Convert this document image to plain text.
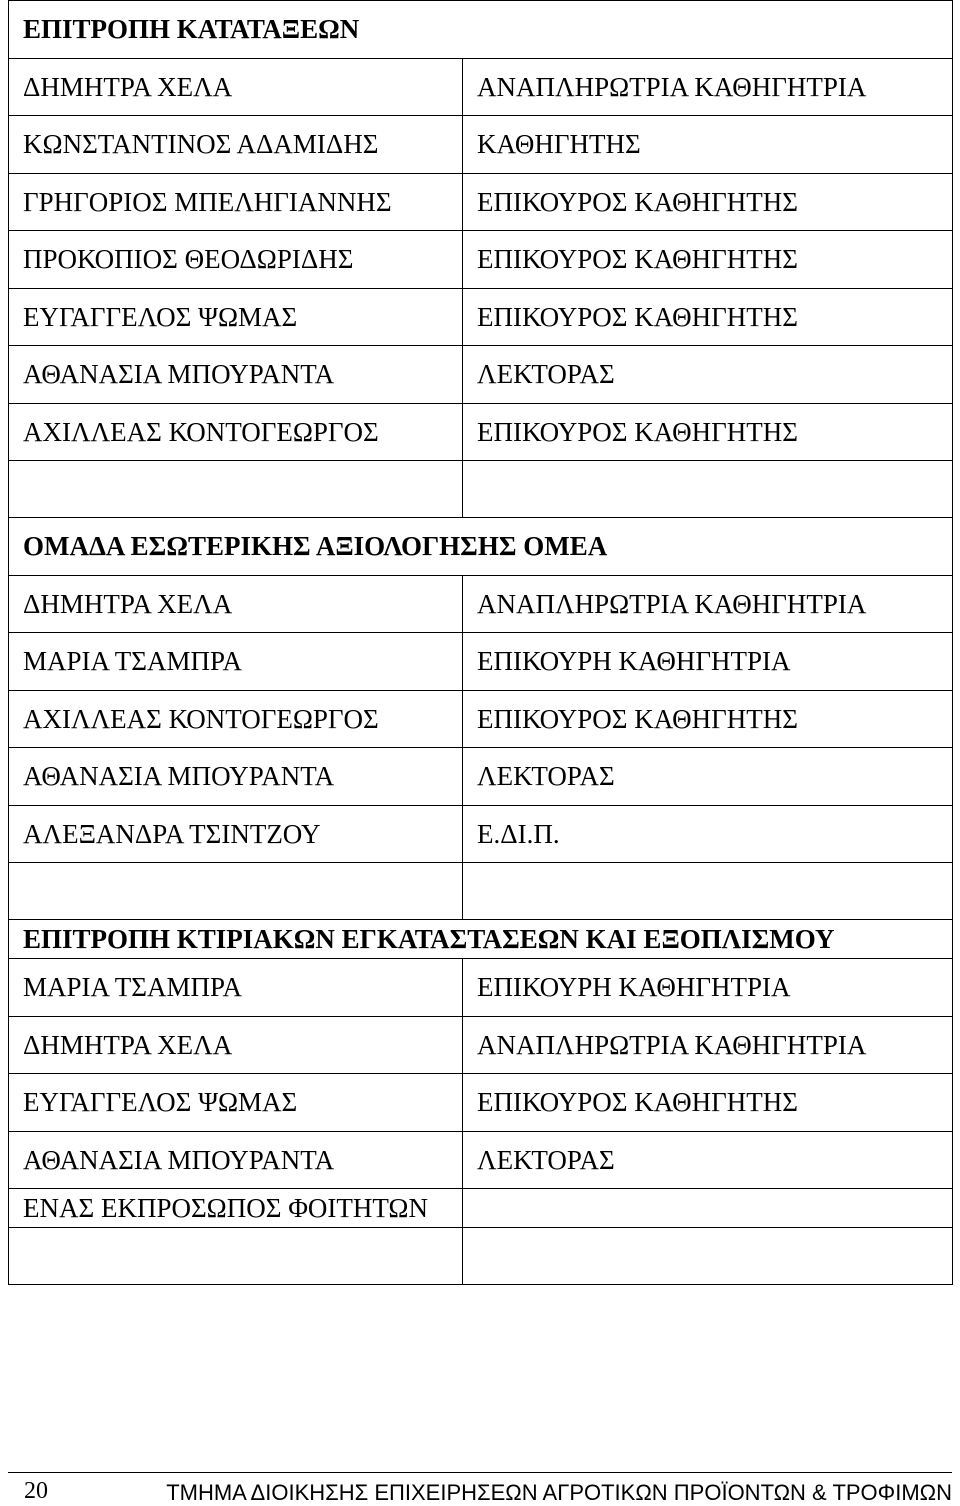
ΕΠΙΤΡΟΠΗ ΚΑΤΑΤΑΞΕΩΝ	
ΔΗΜΗΤΡΑ ΧΕΛΑ	ΑΝΑΠΛΗΡΩΤΡΙΑ ΚΑΘΗΓΗΤΡΙΑ
ΚΩΝΣΤΑΝΤΙΝΟΣ ΑΔΑΜΙΔΗΣ	ΚΑΘΗΓΗΤΗΣ
ΓΡΗΓΟΡΙΟΣ ΜΠΕΛΗΓΙΑΝΝΗΣ	ΕΠΙΚΟΥΡΟΣ ΚΑΘΗΓΗΤΗΣ
ΠΡΟΚΟΠΙΟΣ ΘΕΟΔΩΡΙΔΗΣ	ΕΠΙΚΟΥΡΟΣ ΚΑΘΗΓΗΤΗΣ
ΕΥΓΑΓΓΕΛΟΣ ΨΩΜΑΣ	ΕΠΙΚΟΥΡΟΣ ΚΑΘΗΓΗΤΗΣ
ΑΘΑΝΑΣΙΑ ΜΠΟΥΡΑΝΤΑ	ΛΕΚΤΟΡΑΣ
ΑΧΙΛΛΕΑΣ ΚΟΝΤΟΓΕΩΡΓΟΣ	ΕΠΙΚΟΥΡΟΣ ΚΑΘΗΓΗΤΗΣ

ΟΜΑΔΑ ΕΣΩΤΕΡΙΚΗΣ ΑΞΙΟΛΟΓΗΣΗΣ ΟΜΕΑ	
ΔΗΜΗΤΡΑ ΧΕΛΑ	ΑΝΑΠΛΗΡΩΤΡΙΑ ΚΑΘΗΓΗΤΡΙΑ
ΜΑΡΙΑ ΤΣΑΜΠΡΑ	ΕΠΙΚΟΥΡΗ ΚΑΘΗΓΗΤΡΙΑ
ΑΧΙΛΛΕΑΣ ΚΟΝΤΟΓΕΩΡΓΟΣ	ΕΠΙΚΟΥΡΟΣ ΚΑΘΗΓΗΤΗΣ
ΑΘΑΝΑΣΙΑ ΜΠΟΥΡΑΝΤΑ	ΛΕΚΤΟΡΑΣ
ΑΛΕΞΑΝΔΡΑ ΤΣΙΝΤΖΟΥ	Ε.ΔΙ.Π.

ΕΠΙΤΡΟΠΗ ΚΤΙΡΙΑΚΩΝ ΕΓΚΑΤΑΣΤΑΣΕΩΝ ΚΑΙ ΕΞΟΠΛΙΣΜΟΥ	
ΜΑΡΙΑ ΤΣΑΜΠΡΑ	ΕΠΙΚΟΥΡΗ ΚΑΘΗΓΗΤΡΙΑ
ΔΗΜΗΤΡΑ ΧΕΛΑ	ΑΝΑΠΛΗΡΩΤΡΙΑ ΚΑΘΗΓΗΤΡΙΑ
ΕΥΓΑΓΓΕΛΟΣ ΨΩΜΑΣ	ΕΠΙΚΟΥΡΟΣ ΚΑΘΗΓΗΤΗΣ
ΑΘΑΝΑΣΙΑ ΜΠΟΥΡΑΝΤΑ	ΛΕΚΤΟΡΑΣ
ΕΝΑΣ ΕΚΠΡΟΣΩΠΟΣ ΦΟΙΤΗΤΩΝ	

20	ΤΜΗΜΑ ΔΙΟΙΚΗΣΗΣ ΕΠΙΧΕΙΡΗΣΕΩΝ ΑΓΡΟΤΙΚΩΝ ΠΡΟΪΟΝΤΩΝ & ΤΡΟΦΙΜΩΝ
